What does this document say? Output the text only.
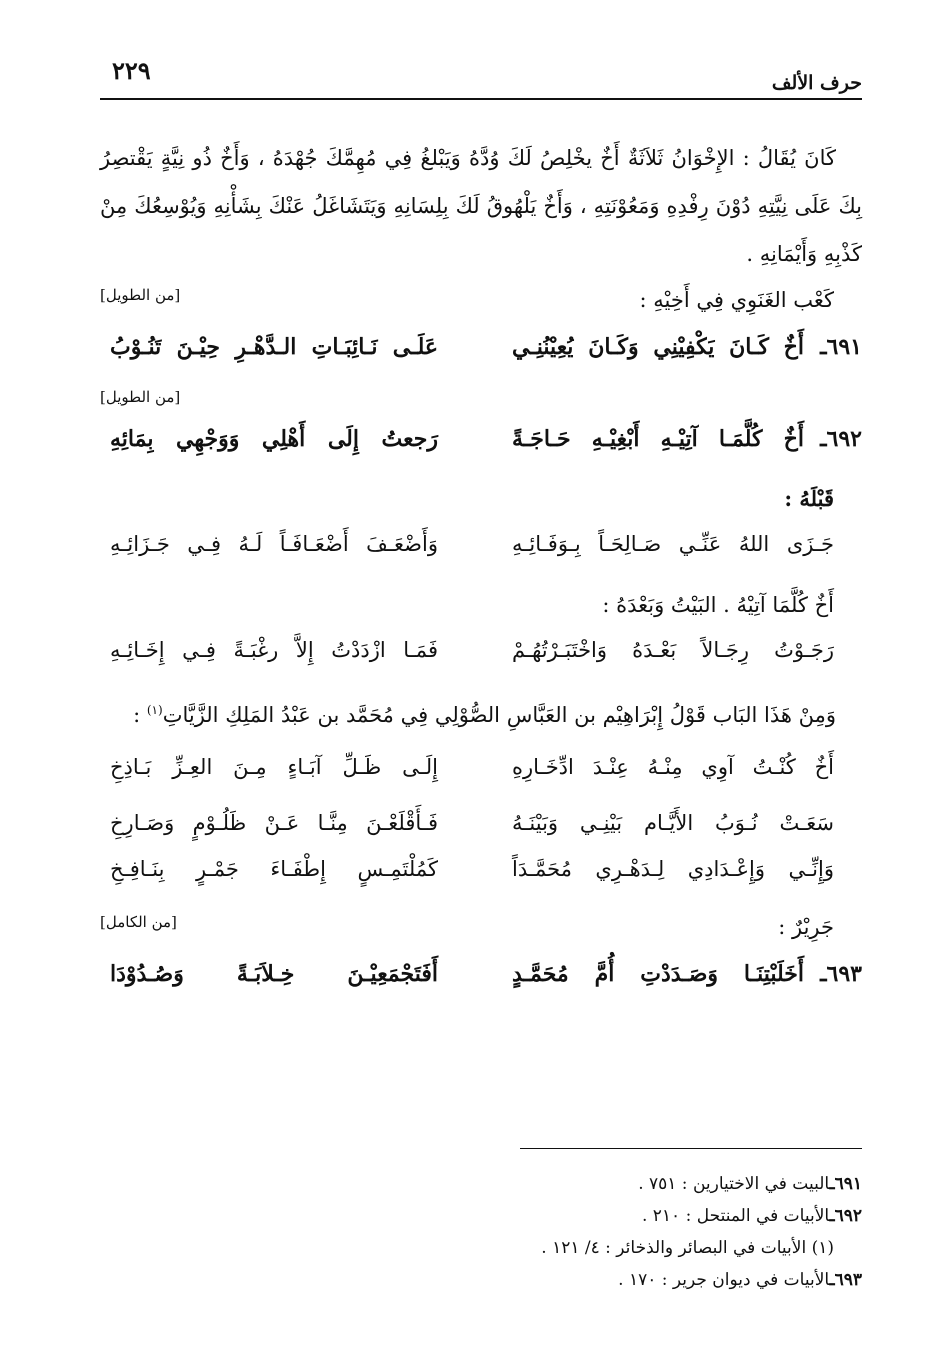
حرف الألف
٢٢٩

كَانَ يُقَالُ : الإِخْوَانُ ثَلاَثَةٌ أَخٌ يخْلِصُ لَكَ وُدَّهُ وَيَبْلغُ فِي مُهِمَّكَ جُهْدَهُ ، وَأَخٌ ذُو نِيَّةٍ يَقْتصِرُ بِكَ عَلَى نِيَّتِهِ دُوْنَ رِفْدِهِ وَمَعُوْنَتِهِ ، وَأَخٌ يَلْهُوقُ لَكَ بِلِسَانِهِ وَيَتَشَاغَلُ عَنْكَ بِشَأْنِهِ وَيُوْسِعُكَ مِنْ كَذْبِهِ وَأَيْمَانِهِ .

كَعْب الغَنَوِي فِي أَخِيْهِ :
[من الطويل]
٦٩١ـ
أَخٌ كَـانَ يَكْفِيْنِي وَكَـانَ يُعِيْنُنِـي
عَلَـى نَـائِبَـاتِ الـدَّهْـرِ حِيْـنَ تَنُـوْبُ
[من الطويل]
٦٩٢ـ
أَخٌ كُلَّمَـا آتِيْـهِ أَبْغِيْـهِ حَـاجَـةً
رَجعتُ إِلَى أَهْلِي وَوَجْهِي بِمَائِهِ
قَبْلَهُ :
جَـزَى اللهُ عَنِّـي صَـالِحَـاً بِـوَفَـائِـهِ
وَأَضْعَـفَ أَضْعَـافَـاً لَـهُ فِـي جَـزَائِـهِ
أَخٌ كُلَّمَا آتِيْهُ . البَيْتُ وَبَعْدَهُ :
رَجَـوْتُ رِجَـالاً بَعْـدَهُ وَاخْتَبَـرْتُهُـمْ
فَمَـا ازْدَدْتُ إِلاَّ رغْبَـةً فِـي إِخَـائِـهِ

وَمِنْ هَذَا البَاب قَوْلُ إِبْرَاهِيْم بن العَبَّاسِ الصُّوْلِي فِي مُحَمَّد بن عَبْدُ المَلِكِ الزَّيَّاتِ$^{(١)}$ :

أَخٌ كُنْـتُ آوِي مِنْـهُ عِنْـدَ ادِّخَـارِهِ
إِلَـى ظَـلِّ آبَـاءٍ مِـنَ العِـزِّ بَـاذِخِ
سَعَـتْ نُـوَبُ الأَيَّـام بَيْنِـي وَبَيْنَـهُ
فَـأَقْلَعْـنَ مِنَّـا عَـنْ ظَلُـوْمٍ وَصَـارِخِ
وَإِنِّـي وَإِعْـدَادِي لِـدَهْـرِي مُحَمَّـدَاً
كَمُلْتَمِـسٍ إِطْفَـاءَ جَمْـرٍ بِنَـافِـخِ
جَرِيْرٌ :
[من الكامل]
٦٩٣ـ
أَخَلَبْتِنَـا وَصَـدَدْتِ أُمَّ مُحَمَّـدٍ
أَفَتَجْمَعِيْـنَ خِـلاَبَـةً وَصُـدُوْدَا
٦٩١ـالبيت في الاختيارين : ٧٥١ .
٦٩٢ـالأبيات في المنتحل : ٢١٠ .
(١) الأبيات في البصائر والذخائر : ٤/ ١٢١ .
٦٩٣ـالأبيات في ديوان جرير : ١٧٠ .
